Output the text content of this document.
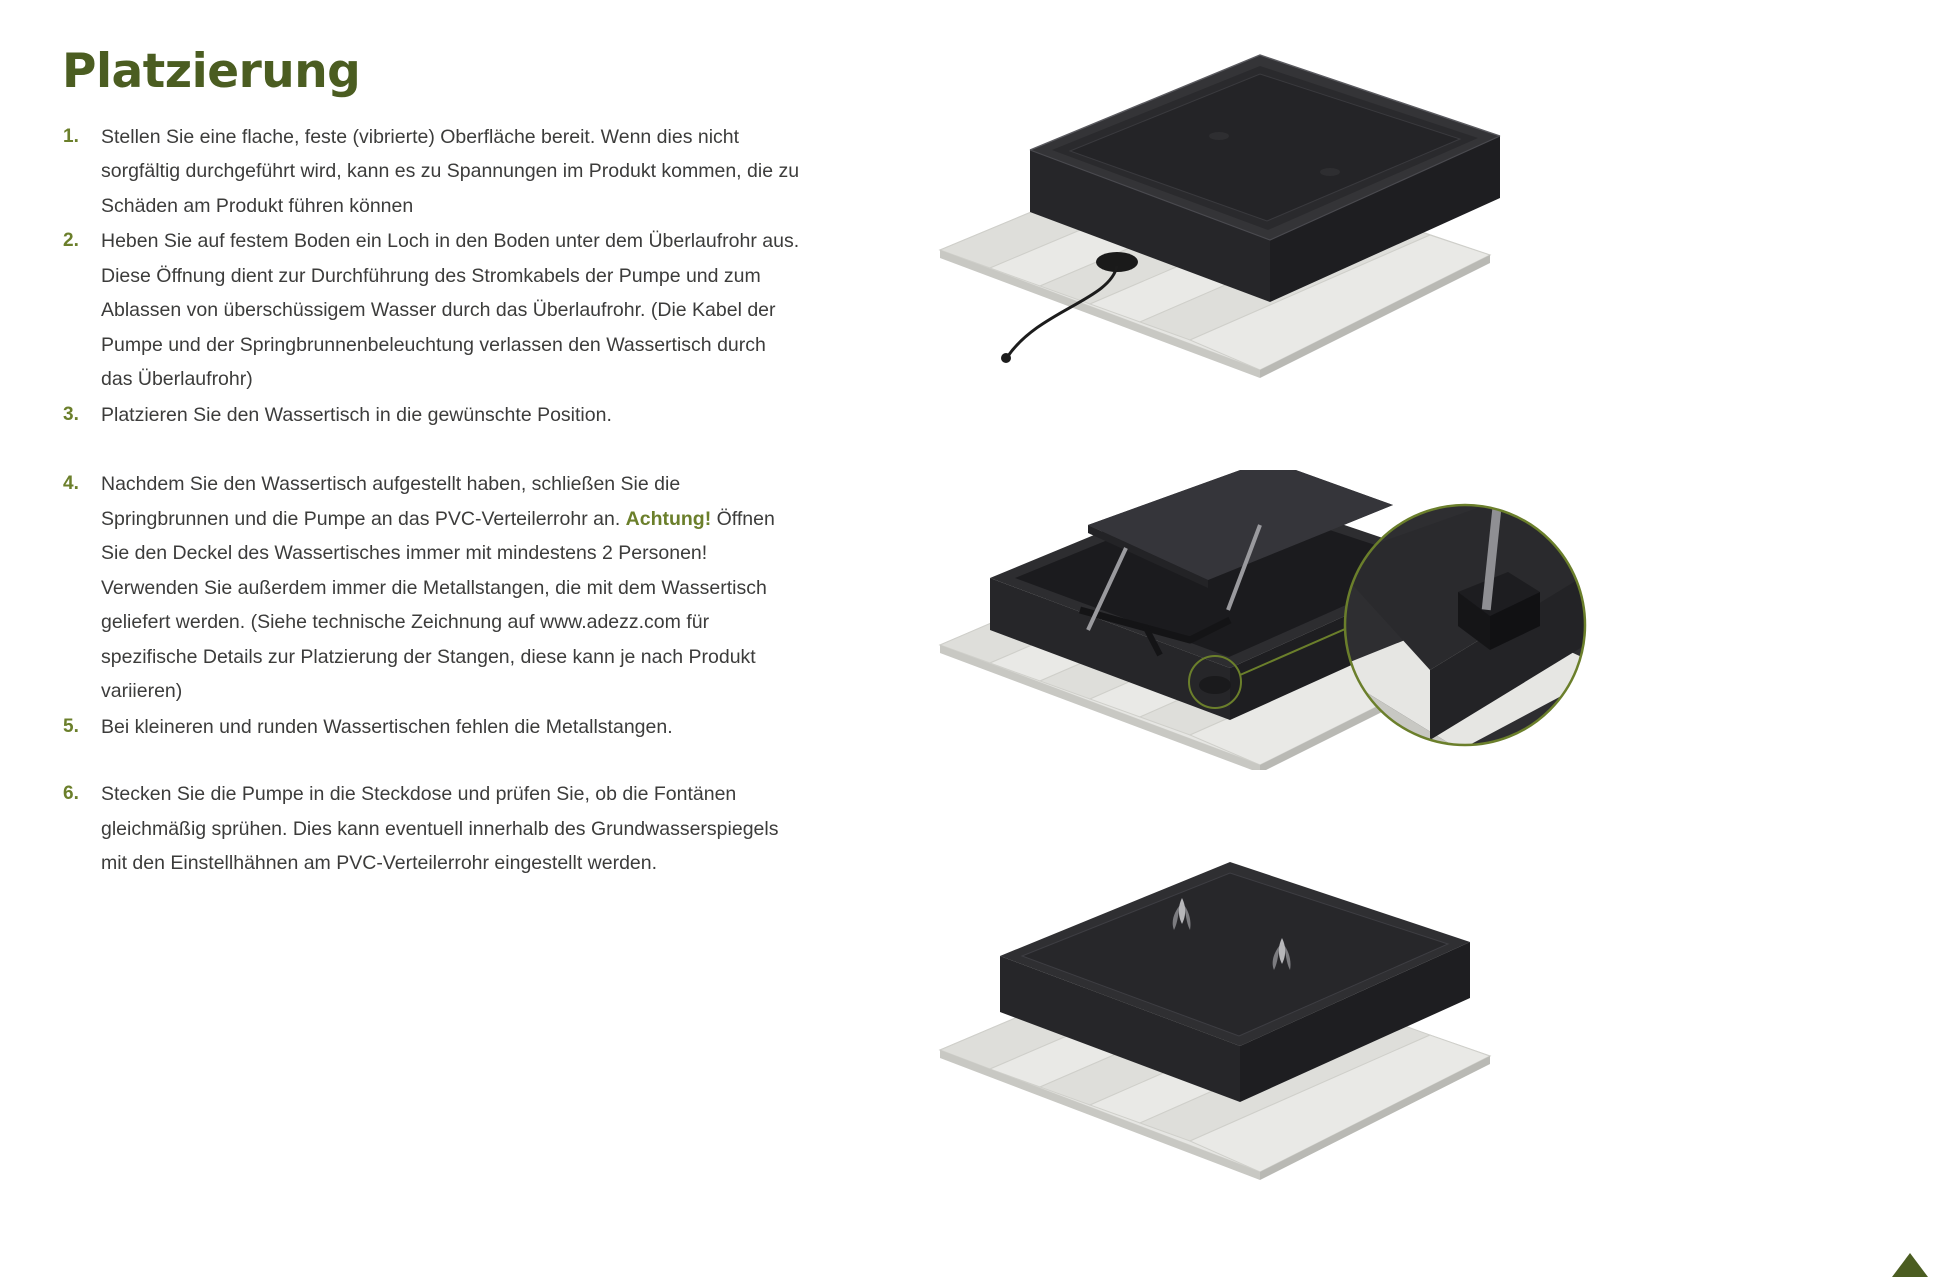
Platzierung
1.	Stellen Sie eine flache, feste (vibrierte) Oberfläche bereit. Wenn dies nicht sorgfältig durchgeführt wird, kann es zu Spannungen im Produkt kommen, die zu Schäden am Produkt führen können
2.	Heben Sie auf festem Boden ein Loch in den Boden unter dem Überlaufrohr aus. Diese Öffnung dient zur Durchführung des Stromkabels der Pumpe und zum Ablassen von überschüssigem Wasser durch das Überlaufrohr. (Die Kabel der Pumpe und der Springbrunnenbeleuchtung verlassen den Wassertisch durch das Überlaufrohr)
3.	Platzieren Sie den Wassertisch in die gewünschte Position.
4.	Nachdem Sie den Wassertisch aufgestellt haben, schließen Sie die Springbrunnen und die Pumpe an das PVC-Verteilerrohr an. Achtung! Öffnen Sie den Deckel des Wassertisches immer mit mindestens 2 Personen! Verwenden Sie außerdem immer die Metallstangen, die mit dem Wassertisch geliefert werden. (Siehe technische Zeichnung auf www.adezz.com für spezifische Details zur Platzierung der Stangen, diese kann je nach Produkt variieren)
5.	Bei kleineren und runden Wassertischen fehlen die Metallstangen.
6.	Stecken Sie die Pumpe in die Steckdose und prüfen Sie, ob die Fontänen gleichmäßig sprühen. Dies kann eventuell innerhalb des Grundwasserspiegels mit den Einstellhähnen am PVC-Verteilerrohr eingestellt werden.
